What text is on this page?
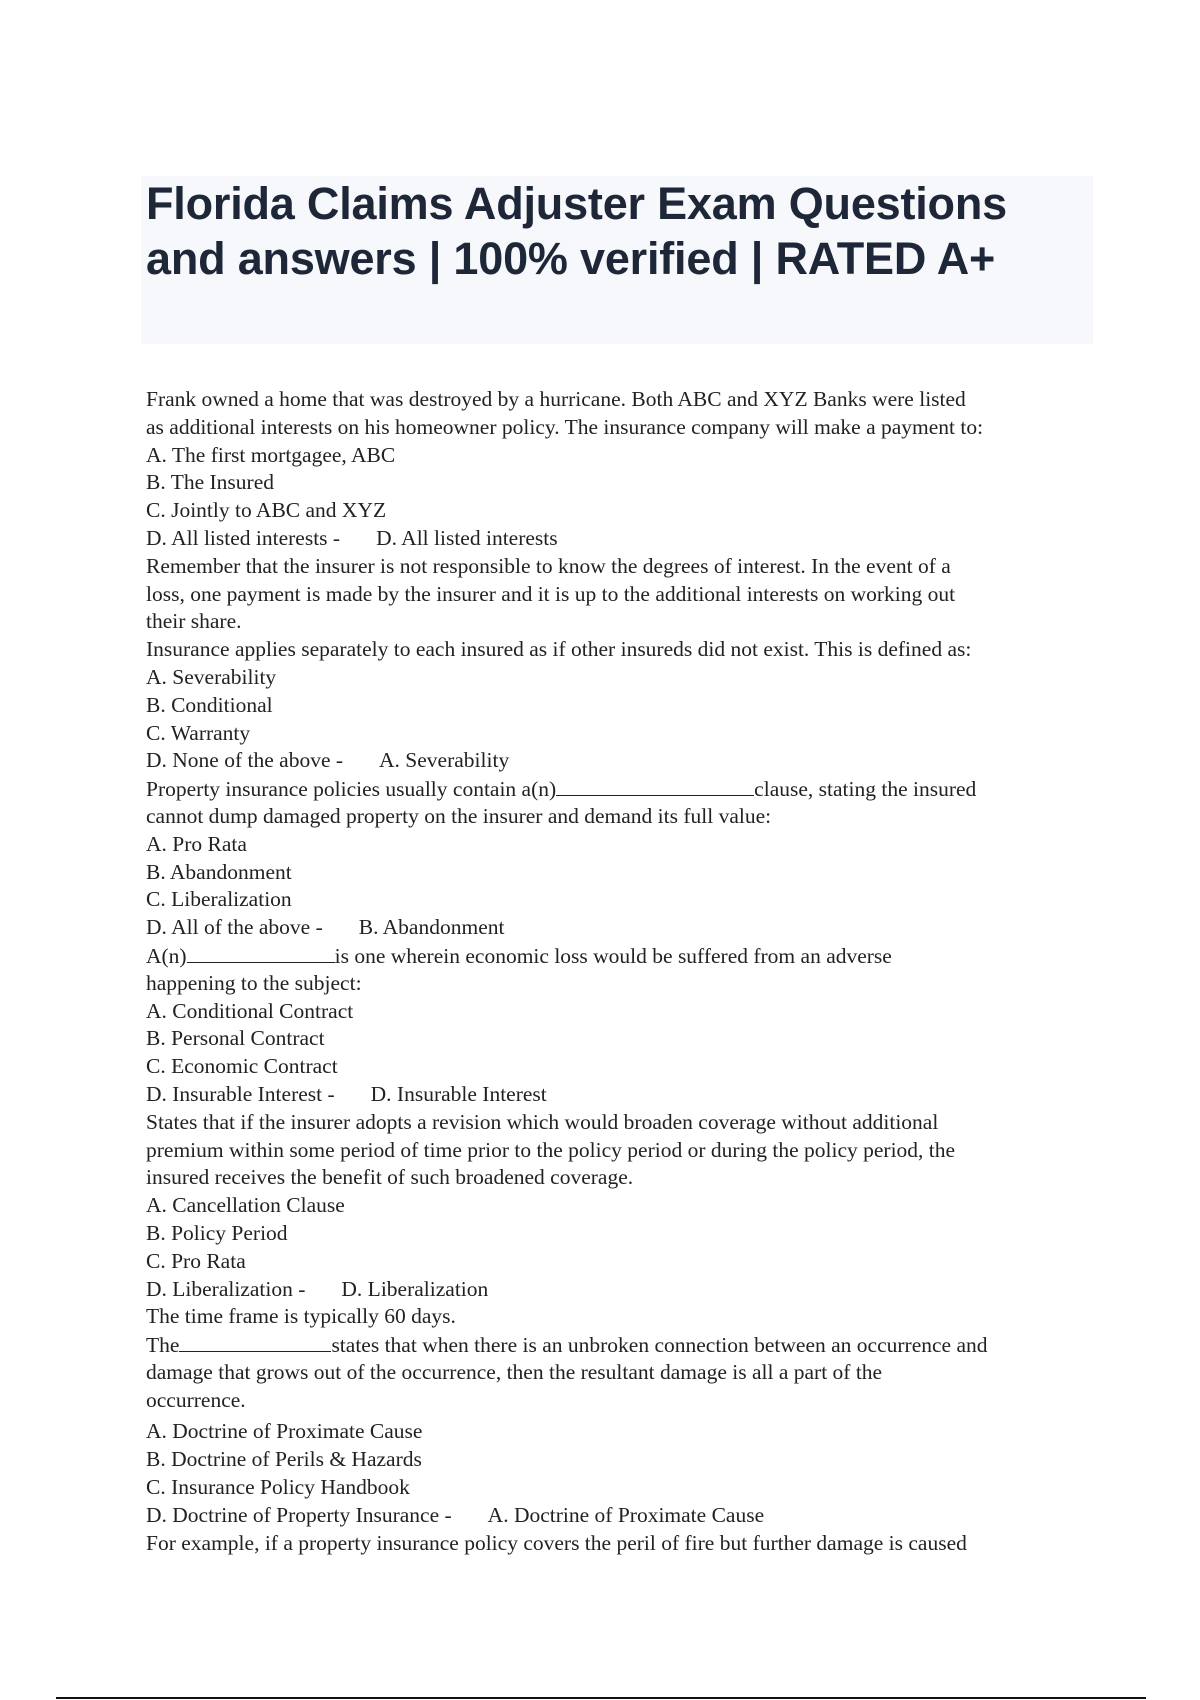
Florida Claims Adjuster Exam Questions
and answers | 100% verified | RATED A+
Frank owned a home that was destroyed by a hurricane. Both ABC and XYZ Banks were listed
as additional interests on his homeowner policy. The insurance company will make a payment to:
A. The first mortgagee, ABC
B. The Insured
C. Jointly to ABC and XYZ
D. All listed interests - D. All listed interests
Remember that the insurer is not responsible to know the degrees of interest. In the event of a
loss, one payment is made by the insurer and it is up to the additional interests on working out
their share.
Insurance applies separately to each insured as if other insureds did not exist. This is defined as:
A. Severability
B. Conditional
C. Warranty
D. None of the above - A. Severability
Property insurance policies usually contain a(n)	clause, stating the insured
cannot dump damaged property on the insurer and demand its full value:
A. Pro Rata
B. Abandonment
C. Liberalization
D. All of the above - B. Abandonment
A(n)	is one wherein economic loss would be suffered from an adverse
happening to the subject:
A. Conditional Contract
B. Personal Contract
C. Economic Contract
D. Insurable Interest - D. Insurable Interest
States that if the insurer adopts a revision which would broaden coverage without additional
premium within some period of time prior to the policy period or during the policy period, the
insured receives the benefit of such broadened coverage.
A. Cancellation Clause
B. Policy Period
C. Pro Rata
D. Liberalization - D. Liberalization
The time frame is typically 60 days.
The	states that when there is an unbroken connection between an occurrence and
damage that grows out of the occurrence, then the resultant damage is all a part of the
occurrence.
A. Doctrine of Proximate Cause
B. Doctrine of Perils & Hazards
C. Insurance Policy Handbook
D. Doctrine of Property Insurance - A. Doctrine of Proximate Cause
For example, if a property insurance policy covers the peril of fire but further damage is caused
